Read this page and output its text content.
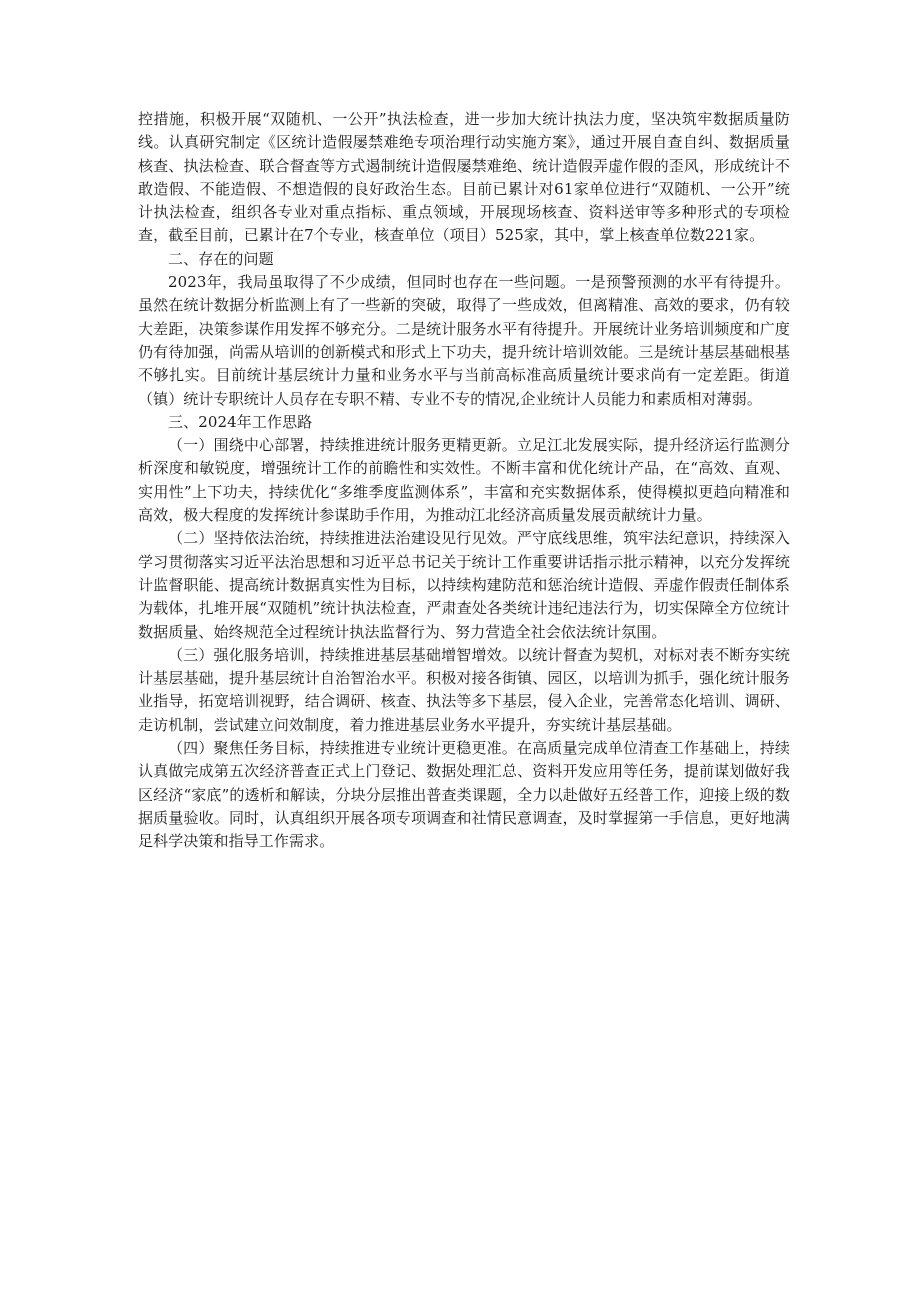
控措施，积极开展“双随机、一公开”执法检查，进一步加大统计执法力度，坚决筑牢数据质量防线。认真研究制定《区统计造假屡禁难绝专项治理行动实施方案》，通过开展自查自纠、数据质量核查、执法检查、联合督查等方式遏制统计造假屡禁难绝、统计造假弄虚作假的歪风，形成统计不敢造假、不能造假、不想造假的良好政治生态。目前已累计对61家单位进行“双随机、一公开”统计执法检查，组织各专业对重点指标、重点领域，开展现场核查、资料送审等多种形式的专项检查，截至目前，已累计在7个专业，核查单位（项目）525家，其中，掌上核查单位数221家。

二、存在的问题

2023年，我局虽取得了不少成绩，但同时也存在一些问题。一是预警预测的水平有待提升。虽然在统计数据分析监测上有了一些新的突破，取得了一些成效，但离精准、高效的要求，仍有较大差距，决策参谋作用发挥不够充分。二是统计服务水平有待提升。开展统计业务培训频度和广度仍有待加强，尚需从培训的创新模式和形式上下功夫，提升统计培训效能。三是统计基层基础根基不够扎实。目前统计基层统计力量和业务水平与当前高标准高质量统计要求尚有一定差距。街道（镇）统计专职统计人员存在专职不精、专业不专的情况,企业统计人员能力和素质相对薄弱。

三、2024年工作思路

（一）围绕中心部署，持续推进统计服务更精更新。立足江北发展实际，提升经济运行监测分析深度和敏锐度，增强统计工作的前瞻性和实效性。不断丰富和优化统计产品，在“高效、直观、实用性”上下功夫，持续优化“多维季度监测体系”，丰富和充实数据体系，使得模拟更趋向精准和高效，极大程度的发挥统计参谋助手作用，为推动江北经济高质量发展贡献统计力量。

（二）坚持依法治统，持续推进法治建设见行见效。严守底线思维，筑牢法纪意识，持续深入学习贯彻落实习近平法治思想和习近平总书记关于统计工作重要讲话指示批示精神，以充分发挥统计监督职能、提高统计数据真实性为目标，以持续构建防范和惩治统计造假、弄虚作假责任制体系为载体，扎堆开展“双随机”统计执法检查，严肃查处各类统计违纪违法行为，切实保障全方位统计数据质量、始终规范全过程统计执法监督行为、努力营造全社会依法统计氛围。

（三）强化服务培训，持续推进基层基础增智增效。以统计督查为契机，对标对表不断夯实统计基层基础，提升基层统计自治智治水平。积极对接各街镇、园区，以培训为抓手，强化统计服务业指导，拓宽培训视野，结合调研、核查、执法等多下基层，侵入企业，完善常态化培训、调研、走访机制，尝试建立问效制度，着力推进基层业务水平提升，夯实统计基层基础。

（四）聚焦任务目标，持续推进专业统计更稳更准。在高质量完成单位清查工作基础上，持续认真做完成第五次经济普查正式上门登记、数据处理汇总、资料开发应用等任务，提前谋划做好我区经济“家底”的透析和解读，分块分层推出普查类课题，全力以赴做好五经普工作，迎接上级的数据质量验收。同时，认真组织开展各项专项调查和社情民意调查，及时掌握第一手信息，更好地满足科学决策和指导工作需求。
